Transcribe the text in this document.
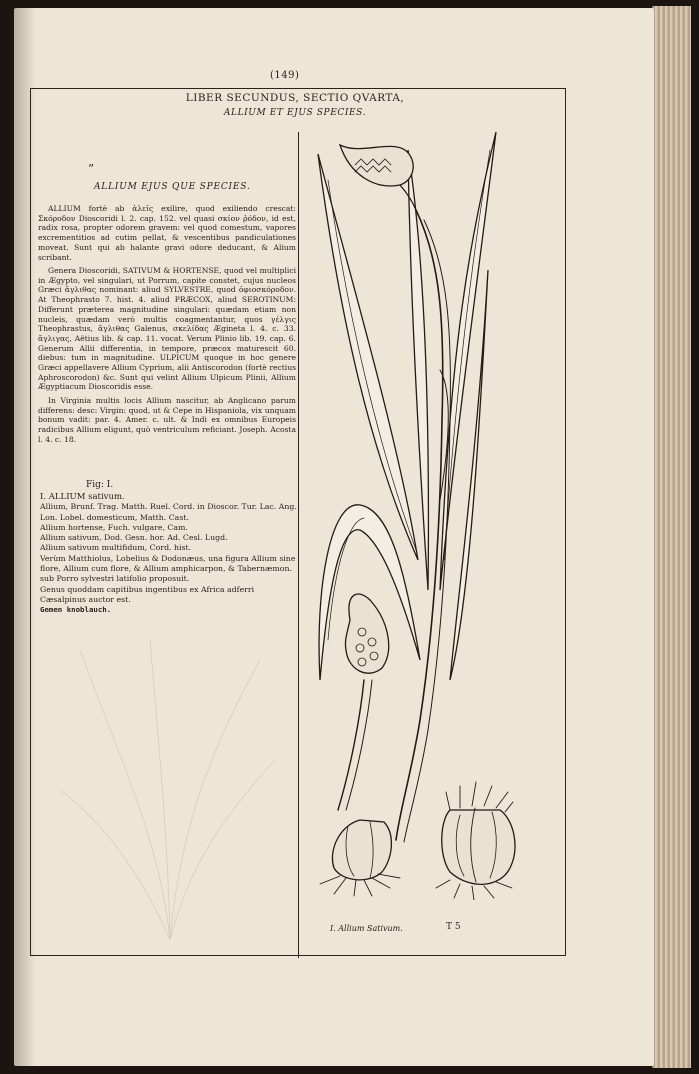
(149)
LIBER SECUNDUS, SECTIO QVARTA,
ALLIUM ET EJUS SPECIES.
”
ALLIUM EJUS QUE SPECIES.

ALLIUM fortè ab ἀλεῖς exilire, quod exiliendo crescat: Σκόροδον Dioscoridi l. 2. cap. 152. vel quasi σκίον ῥόδον, id est, radix rosa, propter odorem gravem: vel quod comestum, vapores excrementitios ad cutim pellat, & vescentibus pandiculationes moveat. Sunt qui ab halante gravi odore deducant, & Alium scribant.

Genera Dioscoridi, SATIVUM & HORTENSE, quod vel multiplici in Ægypto, vel singulari, ut Porrum, capite constet, cujus nucleos Græci ἄγλιθας nominant: aliud SYLVESTRE, quod ὀφιοσκόροδον. At Theophrasto 7. hist. 4. aliud PRÆCOX, aliud SEROTINUM: Differunt præterea magnitudine singulari: quædam etiam non nucleis, quædam verò multis coagmentantur, quos γέλγις Theophrastus, ἄγλιθας Galenus, σκελίδας Ægineta l. 4. c. 33. ἄγλιγας, Aëtius lib. & cap. 11. vocat. Verum Plinio lib. 19. cap. 6. Generum Allii differentia, in tempore, præcox maturescit 60. diebus: tum in magnitudine. ULPICUM quoque in hoc genere Græci appellavere Allium Cyprium, alii Antiscorodon (fortè rectius Aphroscorodon) &c. Sunt qui velint Allium Ulpicum Plinii, Allium Ægyptiacum Dioscoridis esse.

In Virginia multis locis Allium nascitur, ab Anglicano parum differens: desc: Virgin: quod, ut & Cepe in Hispaniola, vix unquam bonum vadit: par. 4. Amer. c. ult. & Indi ex omnibus Europeis radicibus Allium eligunt, quò ventriculum reficiant. Joseph. Acosta l. 4. c. 18.

Fig: I.
I. ALLIUM sativum.
Allium, Brunf. Trag. Matth. Ruel. Cord. in Dioscor. Tur. Lac. Ang. Lon. Lobel. domesticum, Matth. Cast.
Allium hortense, Fuch. vulgare, Cam.
Allium sativum, Dod. Gesn. hor. Ad. Cesl. Lugd.
Allium sativum multifidum, Cord. hist.
Verùm Matthiolus, Lobelius & Dodonæus, una figura Allium sine flore, Allium cum flore, & Allium amphicarpon, & Tabernæmon. sub Porro sylvestri latifolio proposuit.
Genus quoddam capitibus ingentibus ex Africa adferri Cæsalpinus auctor est.
Gemen knoblauch.
I. Allium Sativum.	T 5
